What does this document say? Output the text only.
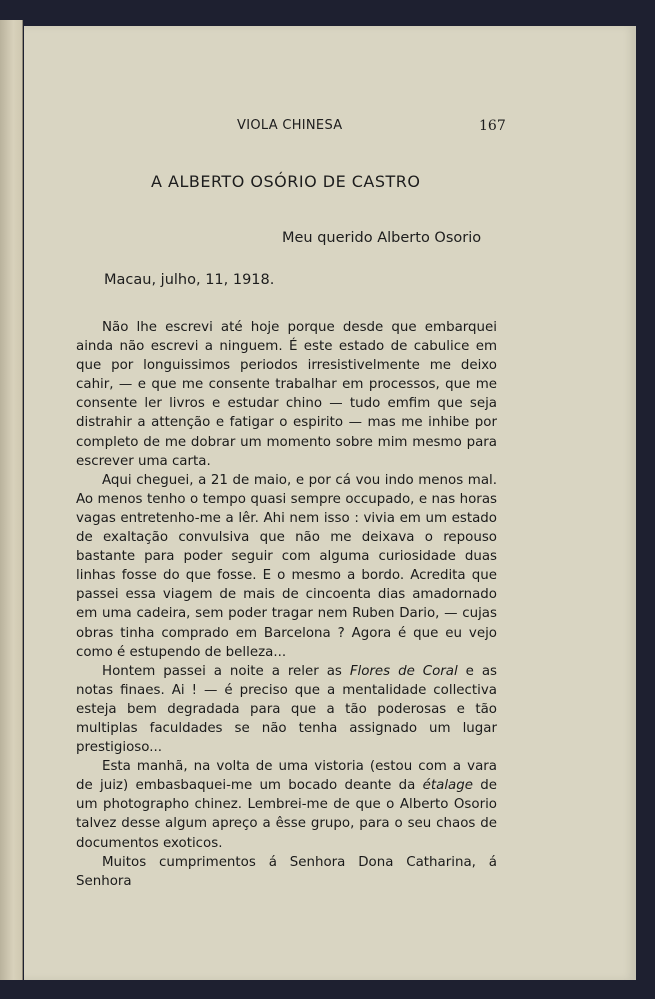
VIOLA CHINESA	167
A ALBERTO OSÓRIO DE CASTRO
Meu querido Alberto Osorio
Macau, julho, 11, 1918.

Não lhe escrevi até hoje porque desde que embarquei ainda não escrevi a ninguem. É este estado de cabulice em que por longuissimos periodos irresistivelmente me deixo cahir, — e que me consente trabalhar em processos, que me consente ler livros e estudar chino — tudo emfim que seja distrahir a attenção e fatigar o espirito — mas me inhibe por completo de me dobrar um momento sobre mim mesmo para escrever uma carta.

Aqui cheguei, a 21 de maio, e por cá vou indo menos mal. Ao menos tenho o tempo quasi sempre occupado, e nas horas vagas entretenho-me a lêr. Ahi nem isso : vivia em um estado de exaltação convulsiva que não me deixava o repouso bastante para poder seguir com alguma curiosidade duas linhas fosse do que fosse. E o mesmo a bordo. Acredita que passei essa viagem de mais de cincoenta dias amadornado em uma cadeira, sem poder tragar nem Ruben Dario, — cujas obras tinha comprado em Barcelona ? Agora é que eu vejo como é estupendo de belleza...

Hontem passei a noite a reler as Flores de Coral e as notas finaes. Ai ! — é preciso que a mentalidade collectiva esteja bem degradada para que a tão poderosas e tão multiplas faculdades se não tenha assignado um lugar prestigioso...

Esta manhã, na volta de uma vistoria (estou com a vara de juiz) embasbaquei-me um bocado deante da étalage de um photographo chinez. Lembrei-me de que o Alberto Osorio talvez desse algum apreço a êsse grupo, para o seu chaos de documentos exoticos.

Muitos cumprimentos á Senhora Dona Catharina, á Senhora
